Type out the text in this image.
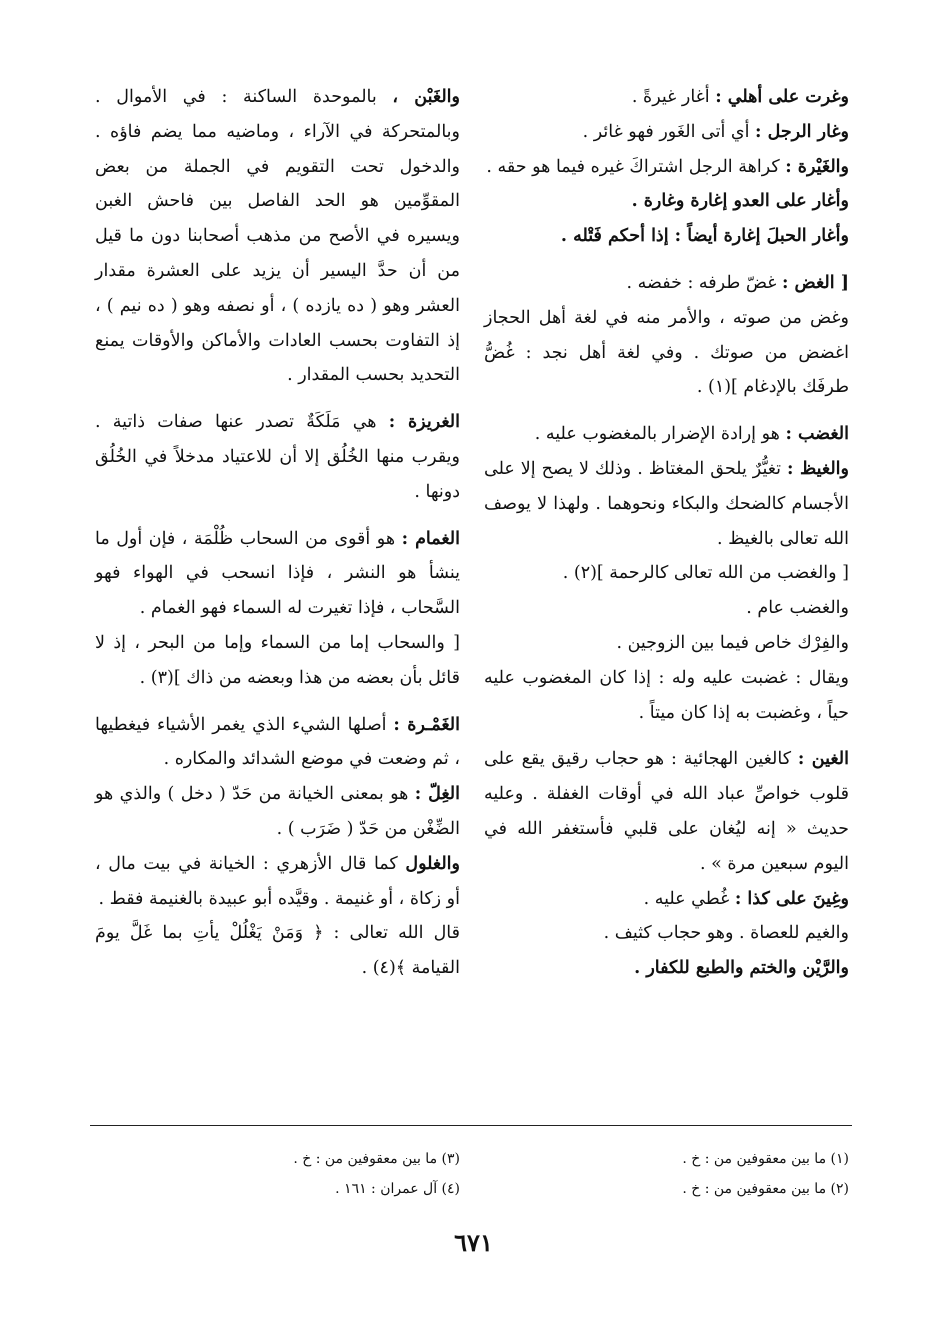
وغرت على أهلي : أغار غيرةً .

وغار الرجل : أي أتى الغَور فهو غائر .

والغَيْرة : كراهة الرجل اشتراكَ غيره فيما هو حقه .

وأغار على العدو إغارة وغارة .

وأغار الحبلَ إغارة أيضاً : إذا أحكم فَتْله .

[ الغض : غضّ طرفه : خفضه .

وغض من صوته ، والأمر منه في لغة أهل الحجاز اغضض من صوتك . وفي لغة أهل نجد : غُضُّ طرفَك بالإدغام ](١) .

الغضب : هو إرادة الإضرار بالمغضوب عليه .

والغيظ : تغيُّرٌ يلحق المغتاظ . وذلك لا يصح إلا على الأجسام كالضحك والبكاء ونحوهما . ولهذا لا يوصف الله تعالى بالغيظ .

[ والغضب من الله تعالى كالرحمة ](٢) .

والغضب عام .

والفِرْك خاص فيما بين الزوجين .

ويقال : غضبت عليه وله : إذا كان المغضوب عليه حياً ، وغضبت به إذا كان ميتاً .

الغين : كالغين الهجائية : هو حجاب رقيق يقع على قلوب خواصِّ عباد الله في أوقات الغفلة . وعليه حديث « إنه ليُغان على قلبي فأستغفر الله في اليوم سبعين مرة » .

وغِينَ على كذا : غُطي عليه .

والغيم للعصاة . وهو حجاب كثيف .

والرَّيْن والختم والطبع للكفار .

والغَبْن ، بالموحدة الساكنة : في الأموال . وبالمتحركة في الآراء ، وماضيه مما يضم فاؤه . والدخول تحت التقويم في الجملة من بعض المقوِّمين هو الحد الفاصل بين فاحش الغبن ويسيره في الأصح من مذهب أصحابنا دون ما قيل من أن حدَّ اليسير أن يزيد على العشرة مقدار العشر وهو ( ده يازده ) ، أو نصفه وهو ( ده نيم ) ، إذ التفاوت بحسب العادات والأماكن والأوقات يمنع التحديد بحسب المقدار .

الغريزة : هي مَلَكَةٌ تصدر عنها صفات ذاتية . ويقرب منها الخُلُق إلا أن للاعتياد مدخلاً في الخُلُق دونها .

الغمام : هو أقوى من السحاب ظُلْمَة ، فإن أول ما ينشأ هو النشر ، فإذا انسحب في الهواء فهو السَّحاب ، فإذا تغيرت له السماء فهو الغمام .

[ والسحاب إما من السماء وإما من البحر ، إذ لا قائل بأن بعضه من هذا وبعضه من ذاك ](٣) .

الغَمْـرة : أصلها الشيء الذي يغمر الأشياء فيغطيها ، ثم وضعت في موضع الشدائد والمكاره .

الغِلّ : هو بمعنى الخيانة من حَدّ ( دخل ) والذي هو الضِّغْن من حَدّ ( ضَرَب ) .

والغلول كما قال الأزهري : الخيانة في بيت مال ، أو زكاة ، أو غنيمة . وقيَّده أبو عبيدة بالغنيمة فقط .

قال الله تعالى : ﴿ وَمَنْ يَغْلُلْ يأتِ بما غَلَّ يومَ القيامة ﴾(٤) .

(١) ما بين معقوفين من : خ .
(٢) ما بين معقوفين من : خ .
(٣) ما بين معقوفين من : خ .
(٤) آل عمران : ١٦١ .
٦٧١
